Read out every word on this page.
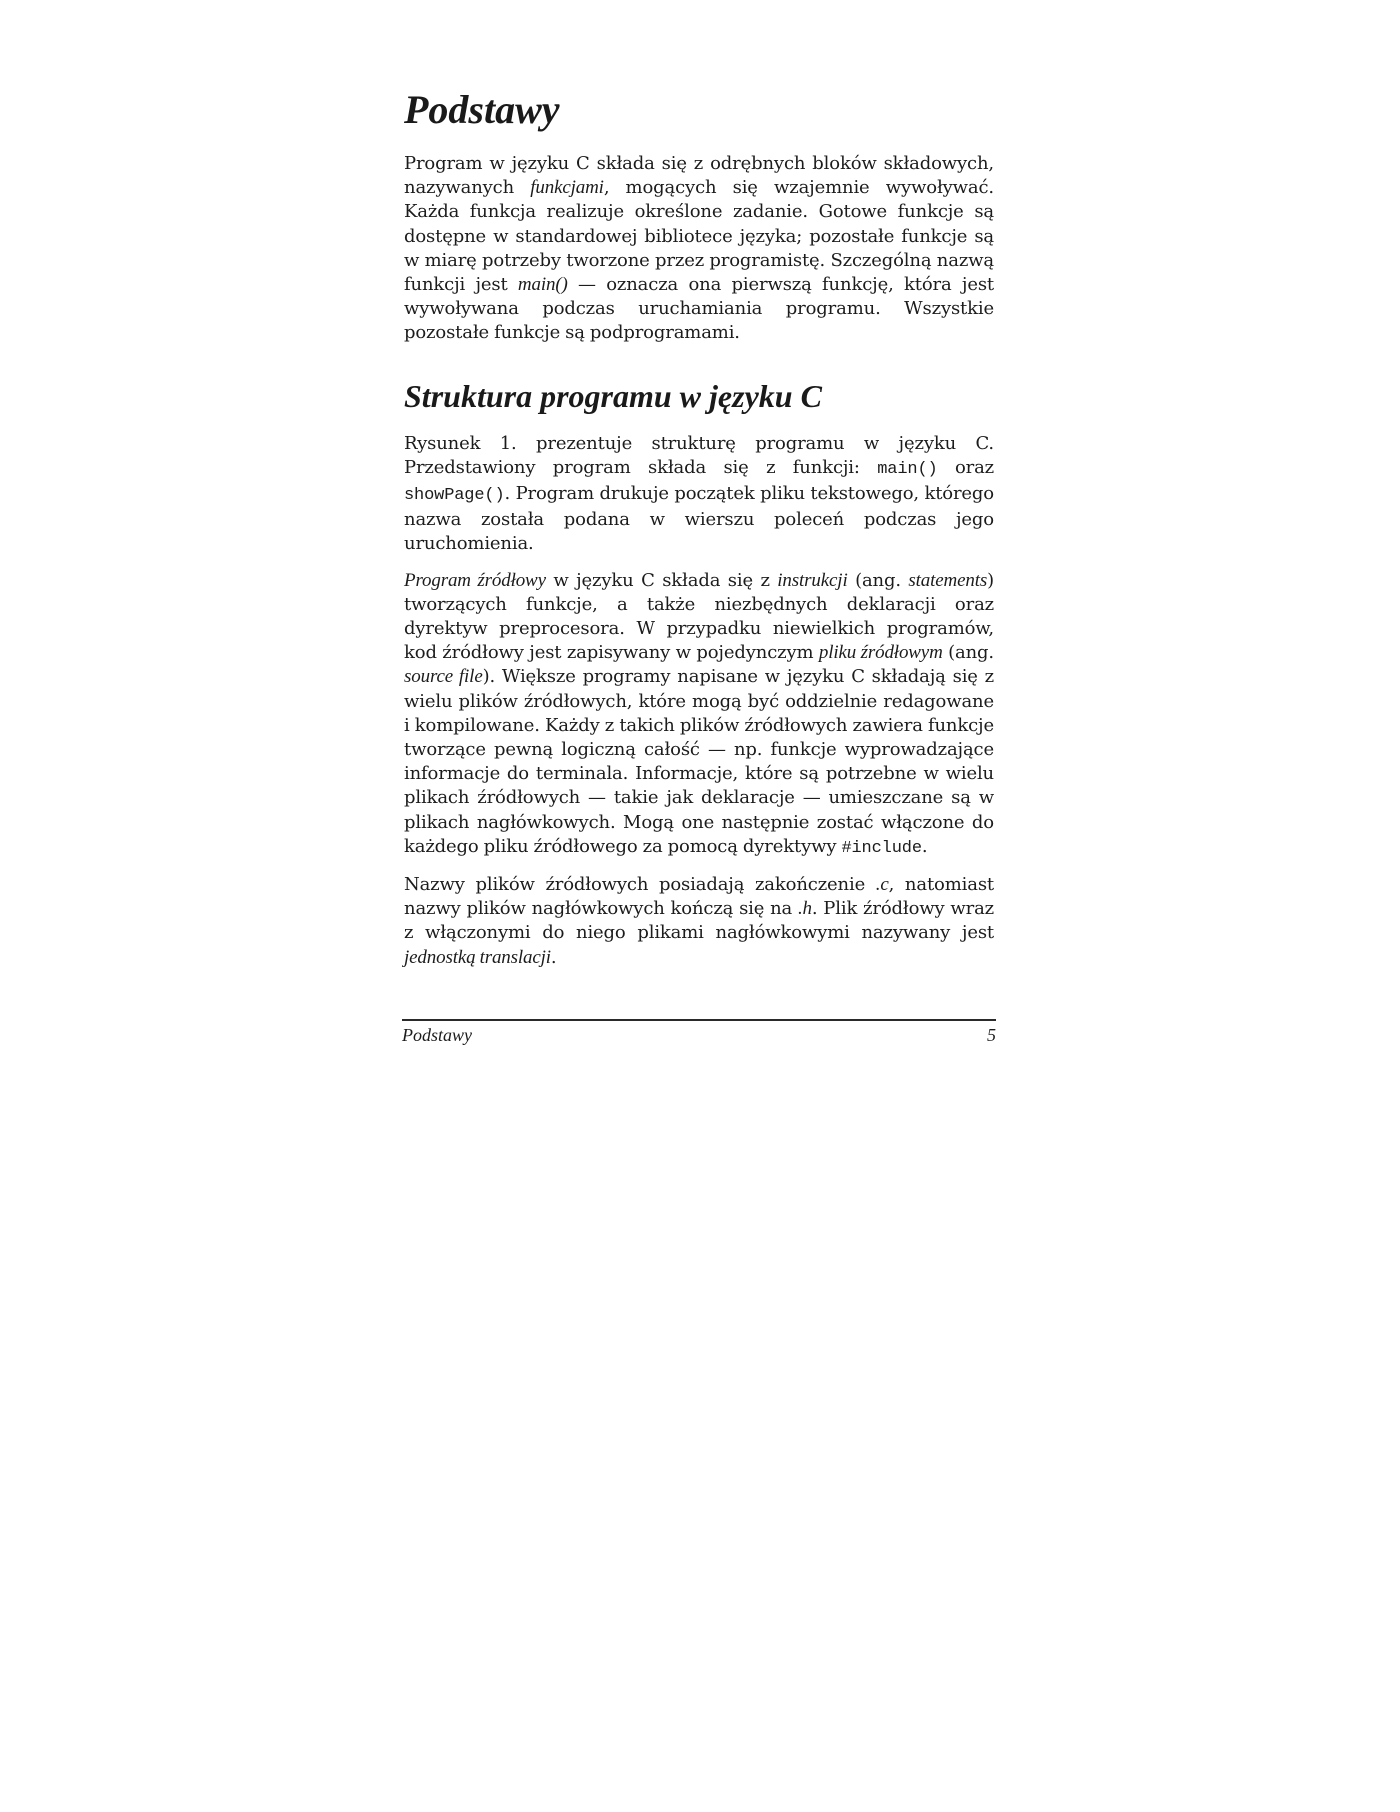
Podstawy

Program w języku C składa się z odrębnych bloków składowych, nazywanych funkcjami, mogących się wzajemnie wywoływać. Każda funkcja realizuje określone zadanie. Gotowe funkcje są dostępne w standardowej bibliotece języka; pozostałe funkcje są w miarę potrzeby tworzone przez programistę. Szczególną nazwą funkcji jest main() — oznacza ona pierwszą funkcję, która jest wywoływana podczas uruchamiania programu. Wszystkie pozostałe funkcje są podprogramami.

Struktura programu w języku C

Rysunek 1. prezentuje strukturę programu w języku C. Przedstawiony program składa się z funkcji: main() oraz showPage(). Program drukuje początek pliku tekstowego, którego nazwa została podana w wierszu poleceń podczas jego uruchomienia.

Program źródłowy w języku C składa się z instrukcji (ang. statements) tworzących funkcje, a także niezbędnych deklaracji oraz dyrektyw preprocesora. W przypadku niewielkich programów, kod źródłowy jest zapisywany w pojedynczym pliku źródłowym (ang. source file). Większe programy napisane w języku C składają się z wielu plików źródłowych, które mogą być oddzielnie redagowane i kompilowane. Każdy z takich plików źródłowych zawiera funkcje tworzące pewną logiczną całość — np. funkcje wyprowadzające informacje do terminala. Informacje, które są potrzebne w wielu plikach źródłowych — takie jak deklaracje — umieszczane są w plikach nagłówkowych. Mogą one następnie zostać włączone do każdego pliku źródłowego za pomocą dyrektywy #include.

Nazwy plików źródłowych posiadają zakończenie .c, natomiast nazwy plików nagłówkowych kończą się na .h. Plik źródłowy wraz z włączonymi do niego plikami nagłówkowymi nazywany jest jednostką translacji.

Podstawy	5
